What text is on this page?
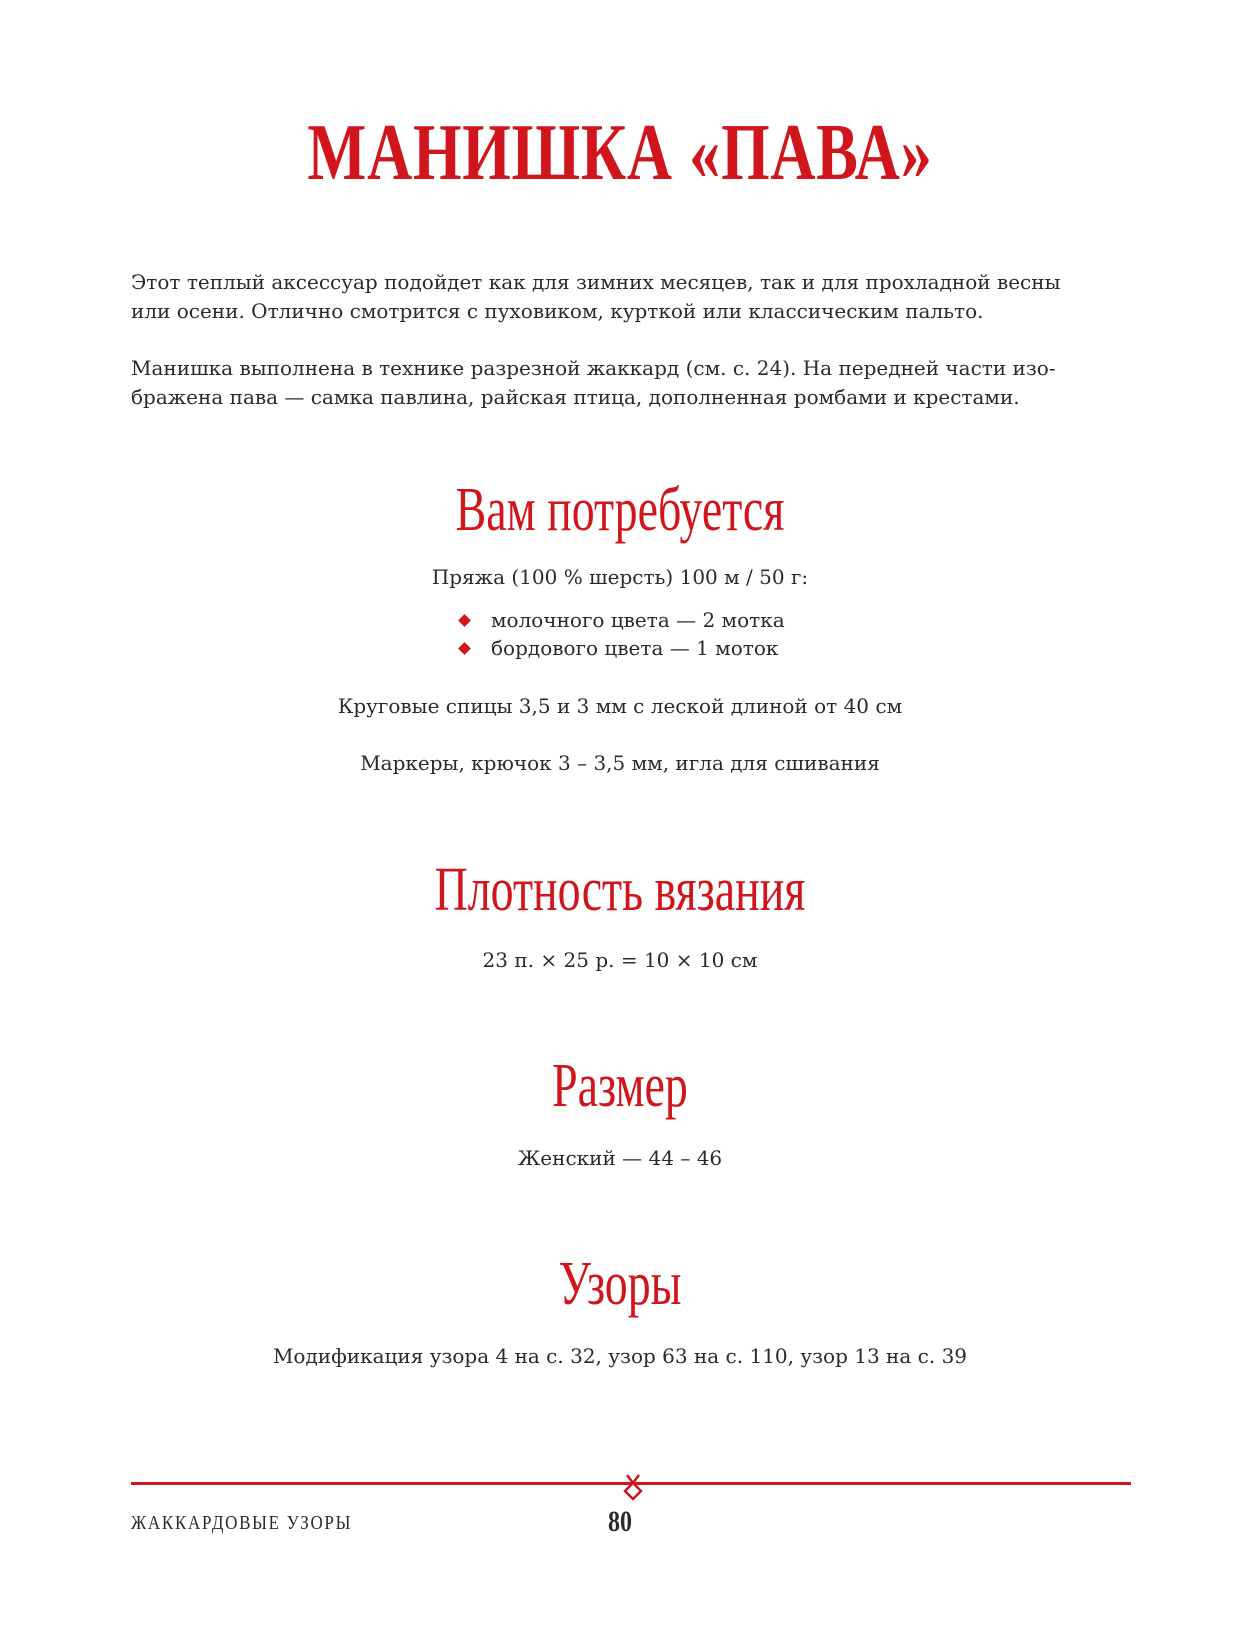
МАНИШКА «ПАВА»
Этот теплый аксессуар подойдет как для зимних месяцев, так и для прохладной весны
или осени. Отлично смотрится с пуховиком, курткой или классическим пальто.
Манишка выполнена в технике разрезной жаккард (см. с. 24). На передней части изо-
бражена пава — самка павлина, райская птица, дополненная ромбами и крестами.
Вам потребуется
Пряжа (100 % шерсть) 100 м / 50 г:
молочного цвета — 2 мотка
бордового цвета — 1 моток
Круговые спицы 3,5 и 3 мм с леской длиной от 40 см
Маркеры, крючок 3 – 3,5 мм, игла для сшивания
Плотность вязания
23 п. × 25 р. = 10 × 10 см
Размер
Женский — 44 – 46
Узоры
Модификация узора 4 на с. 32, узор 63 на с. 110, узор 13 на с. 39
ЖАККАРДОВЫЕ УЗОРЫ	80
